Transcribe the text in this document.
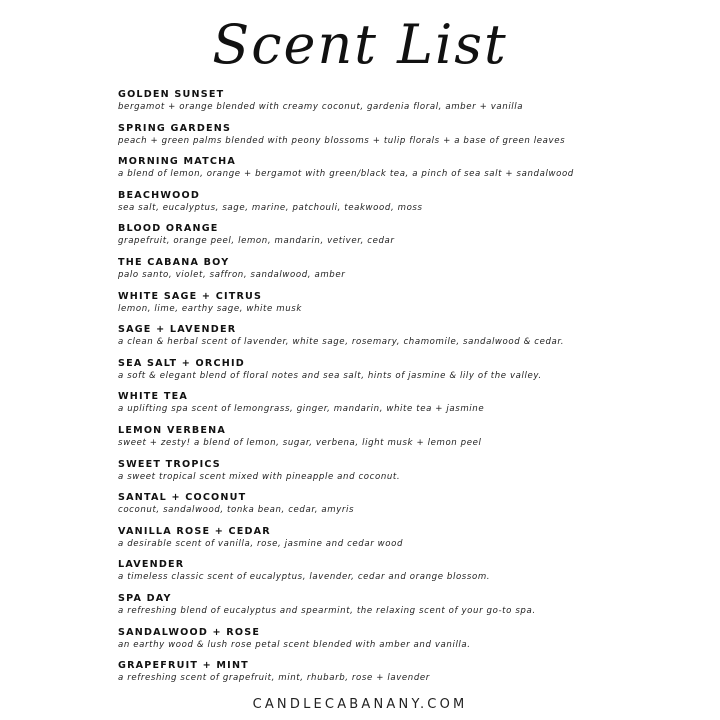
Scent List
GOLDEN SUNSET
bergamot + orange blended with creamy coconut, gardenia floral, amber + vanilla
SPRING GARDENS
peach + green palms blended with peony blossoms + tulip florals + a base of green leaves
MORNING MATCHA
a blend of lemon, orange + bergamot with green/black tea, a pinch of sea salt + sandalwood
BEACHWOOD
sea salt, eucalyptus, sage, marine, patchouli, teakwood, moss
BLOOD ORANGE
grapefruit, orange peel, lemon, mandarin, vetiver, cedar
THE CABANA BOY
palo santo, violet, saffron, sandalwood, amber
WHITE SAGE + CITRUS
lemon, lime, earthy sage, white musk
SAGE + LAVENDER
a clean & herbal scent of lavender, white sage, rosemary, chamomile, sandalwood & cedar.
SEA SALT + ORCHID
a soft & elegant blend of floral notes and sea salt, hints of jasmine & lily of the valley.
WHITE TEA
a uplifting spa scent of lemongrass, ginger, mandarin, white tea + jasmine
LEMON VERBENA
sweet + zesty! a blend of lemon, sugar, verbena, light musk + lemon peel
SWEET TROPICS
a sweet tropical scent mixed with pineapple and coconut.
SANTAL + COCONUT
coconut, sandalwood, tonka bean, cedar, amyris
VANILLA ROSE + CEDAR
a desirable scent of vanilla, rose, jasmine and cedar wood
LAVENDER
a timeless classic scent of eucalyptus, lavender, cedar and orange blossom.
SPA DAY
a refreshing blend of eucalyptus and spearmint, the relaxing scent of your go-to spa.
SANDALWOOD + ROSE
an earthy wood & lush rose petal scent blended with amber and vanilla.
GRAPEFRUIT + MINT
a refreshing scent of grapefruit, mint, rhubarb, rose + lavender
CANDLECABANANY.COM
